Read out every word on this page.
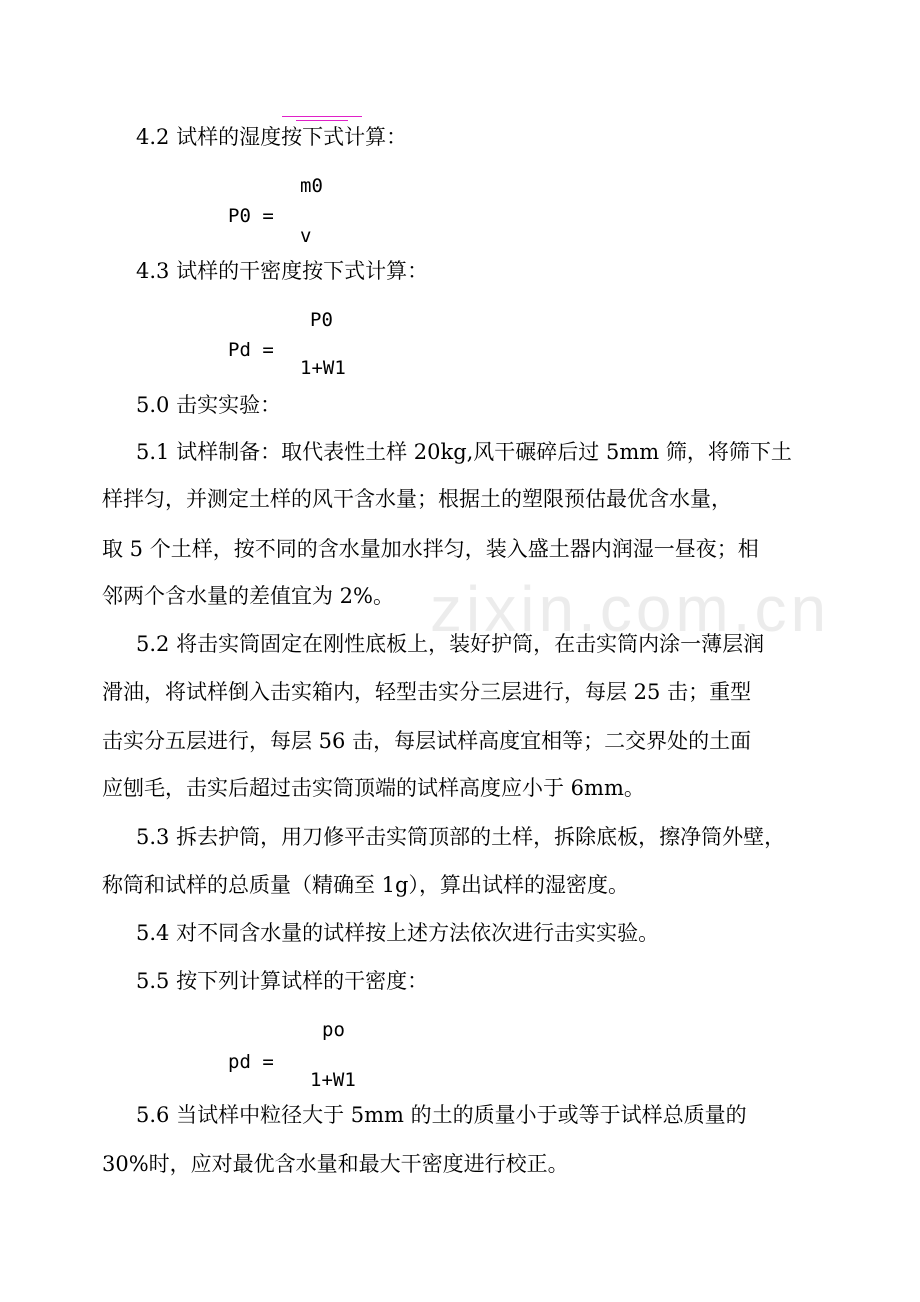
zixin.com.cn
4.2 试样的湿度按下式计算：
m0
P0 =
v
4.3 试样的干密度按下式计算：
P0
Pd =
1+W1
5.0 击实实验：
5.1 试样制备：取代表性土样 20kg,风干碾碎后过 5mm 筛，将筛下土
样拌匀，并测定土样的风干含水量；根据土的塑限预估最优含水量，
取 5 个土样，按不同的含水量加水拌匀，装入盛土器内润湿一昼夜；相
邻两个含水量的差值宜为 2%。
5.2 将击实筒固定在刚性底板上，装好护筒，在击实筒内涂一薄层润
滑油，将试样倒入击实箱内，轻型击实分三层进行，每层 25 击；重型
击实分五层进行，每层 56 击，每层试样高度宜相等；二交界处的土面
应刨毛，击实后超过击实筒顶端的试样高度应小于 6mm。
5.3 拆去护筒，用刀修平击实筒顶部的土样，拆除底板，擦净筒外壁，
称筒和试样的总质量（精确至 1g），算出试样的湿密度。
5.4 对不同含水量的试样按上述方法依次进行击实实验。
5.5 按下列计算试样的干密度：
po
pd =
1+W1
5.6 当试样中粒径大于 5mm 的土的质量小于或等于试样总质量的
30%时，应对最优含水量和最大干密度进行校正。
